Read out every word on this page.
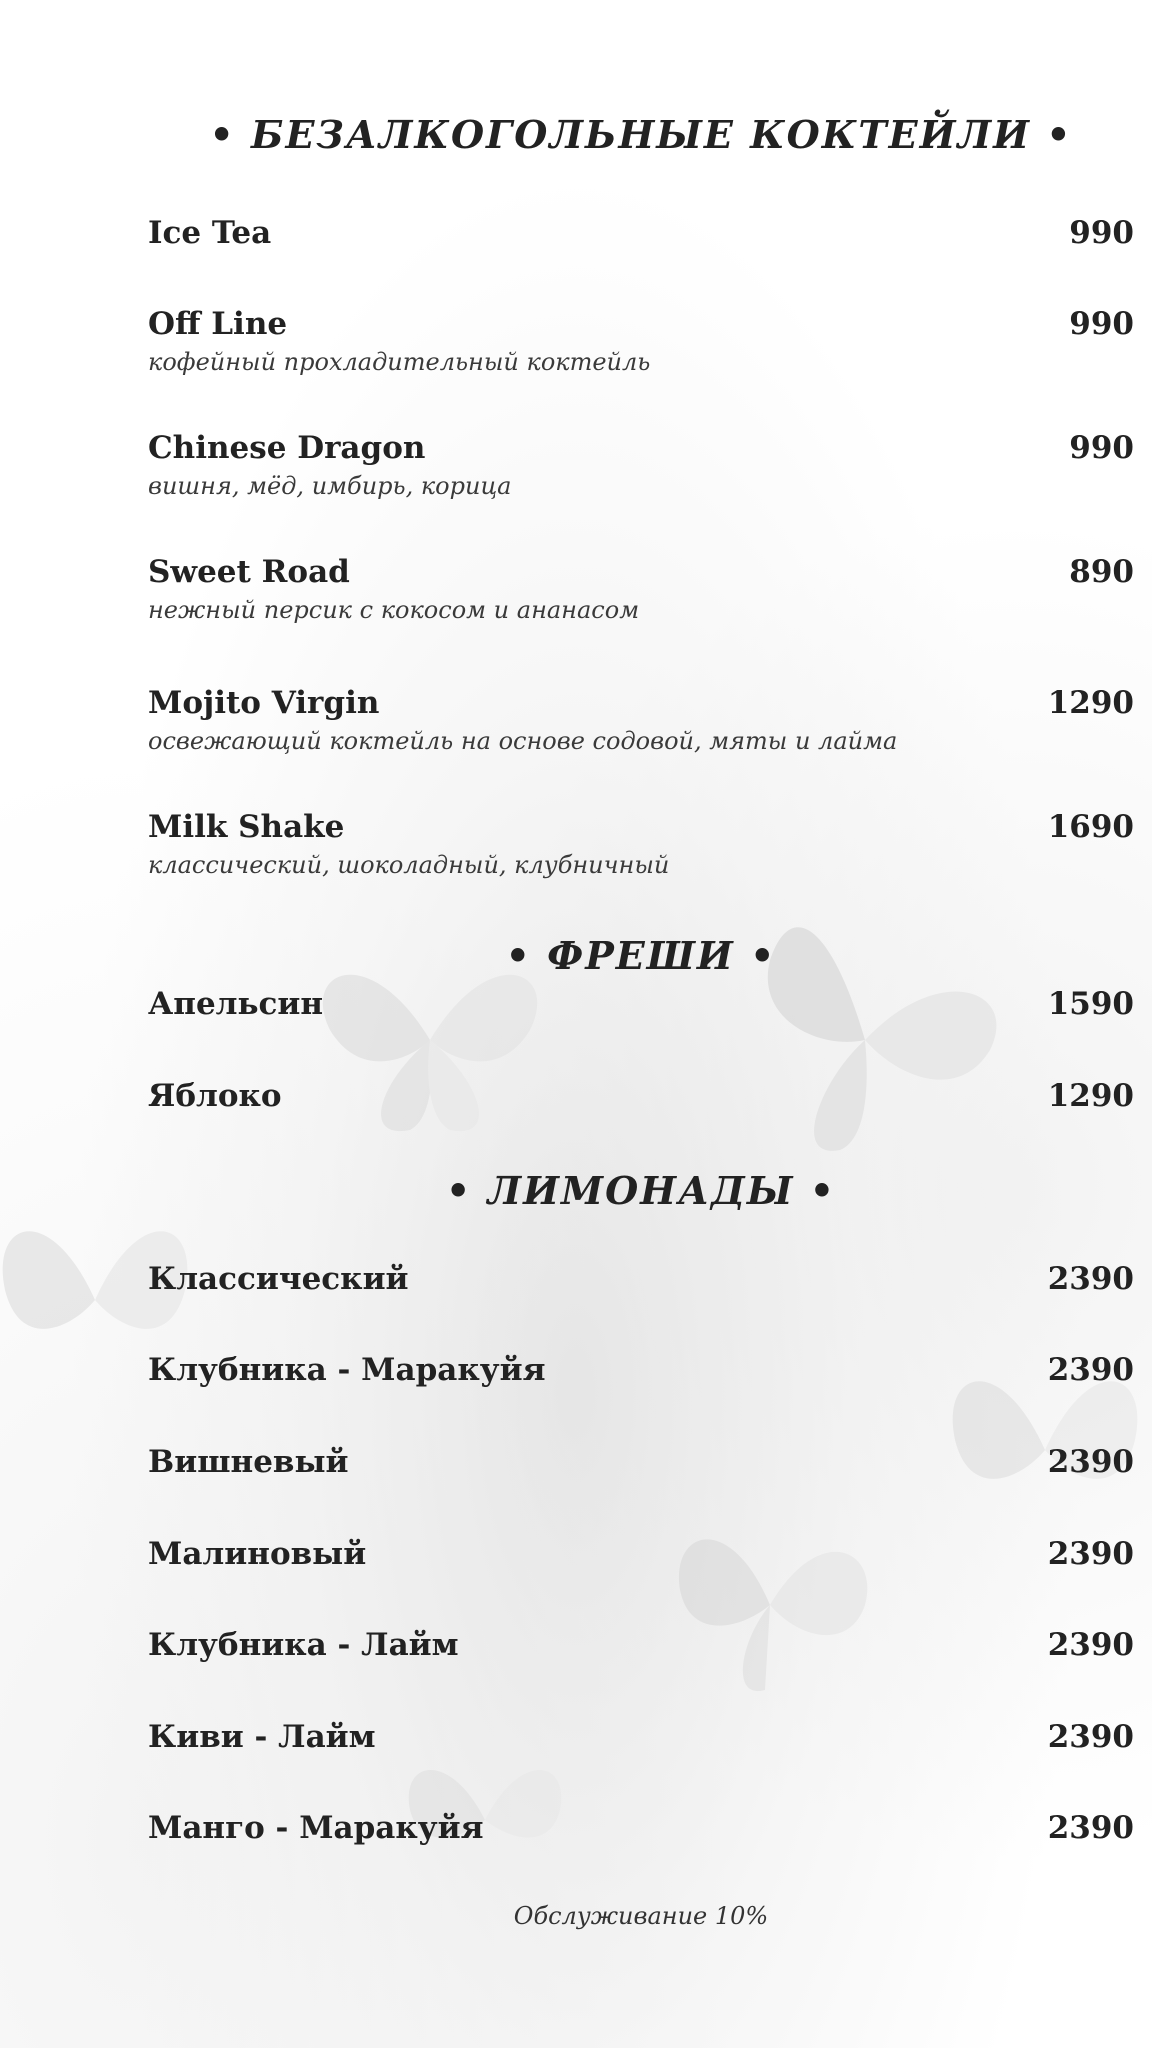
• БЕЗАЛКОГОЛЬНЫЕ КОКТЕЙЛИ •
Ice Tea	990
Off Line	990
кофейный прохладительный коктейль
Chinese Dragon	990
вишня, мёд, имбирь, корица
Sweet Road	890
нежный персик с кокосом и ананасом
Mojito Virgin	1290
освежающий коктейль на основе содовой, мяты и лайма
Milk Shake	1690
классический, шоколадный, клубничный
• ФРЕШИ •
Апельсин	1590
Яблоко	1290
• ЛИМОНАДЫ •
Классический	2390
Клубника - Маракуйя	2390
Вишневый	2390
Малиновый	2390
Клубника - Лайм	2390
Киви - Лайм	2390
Манго - Маракуйя	2390
Обслуживание 10%
